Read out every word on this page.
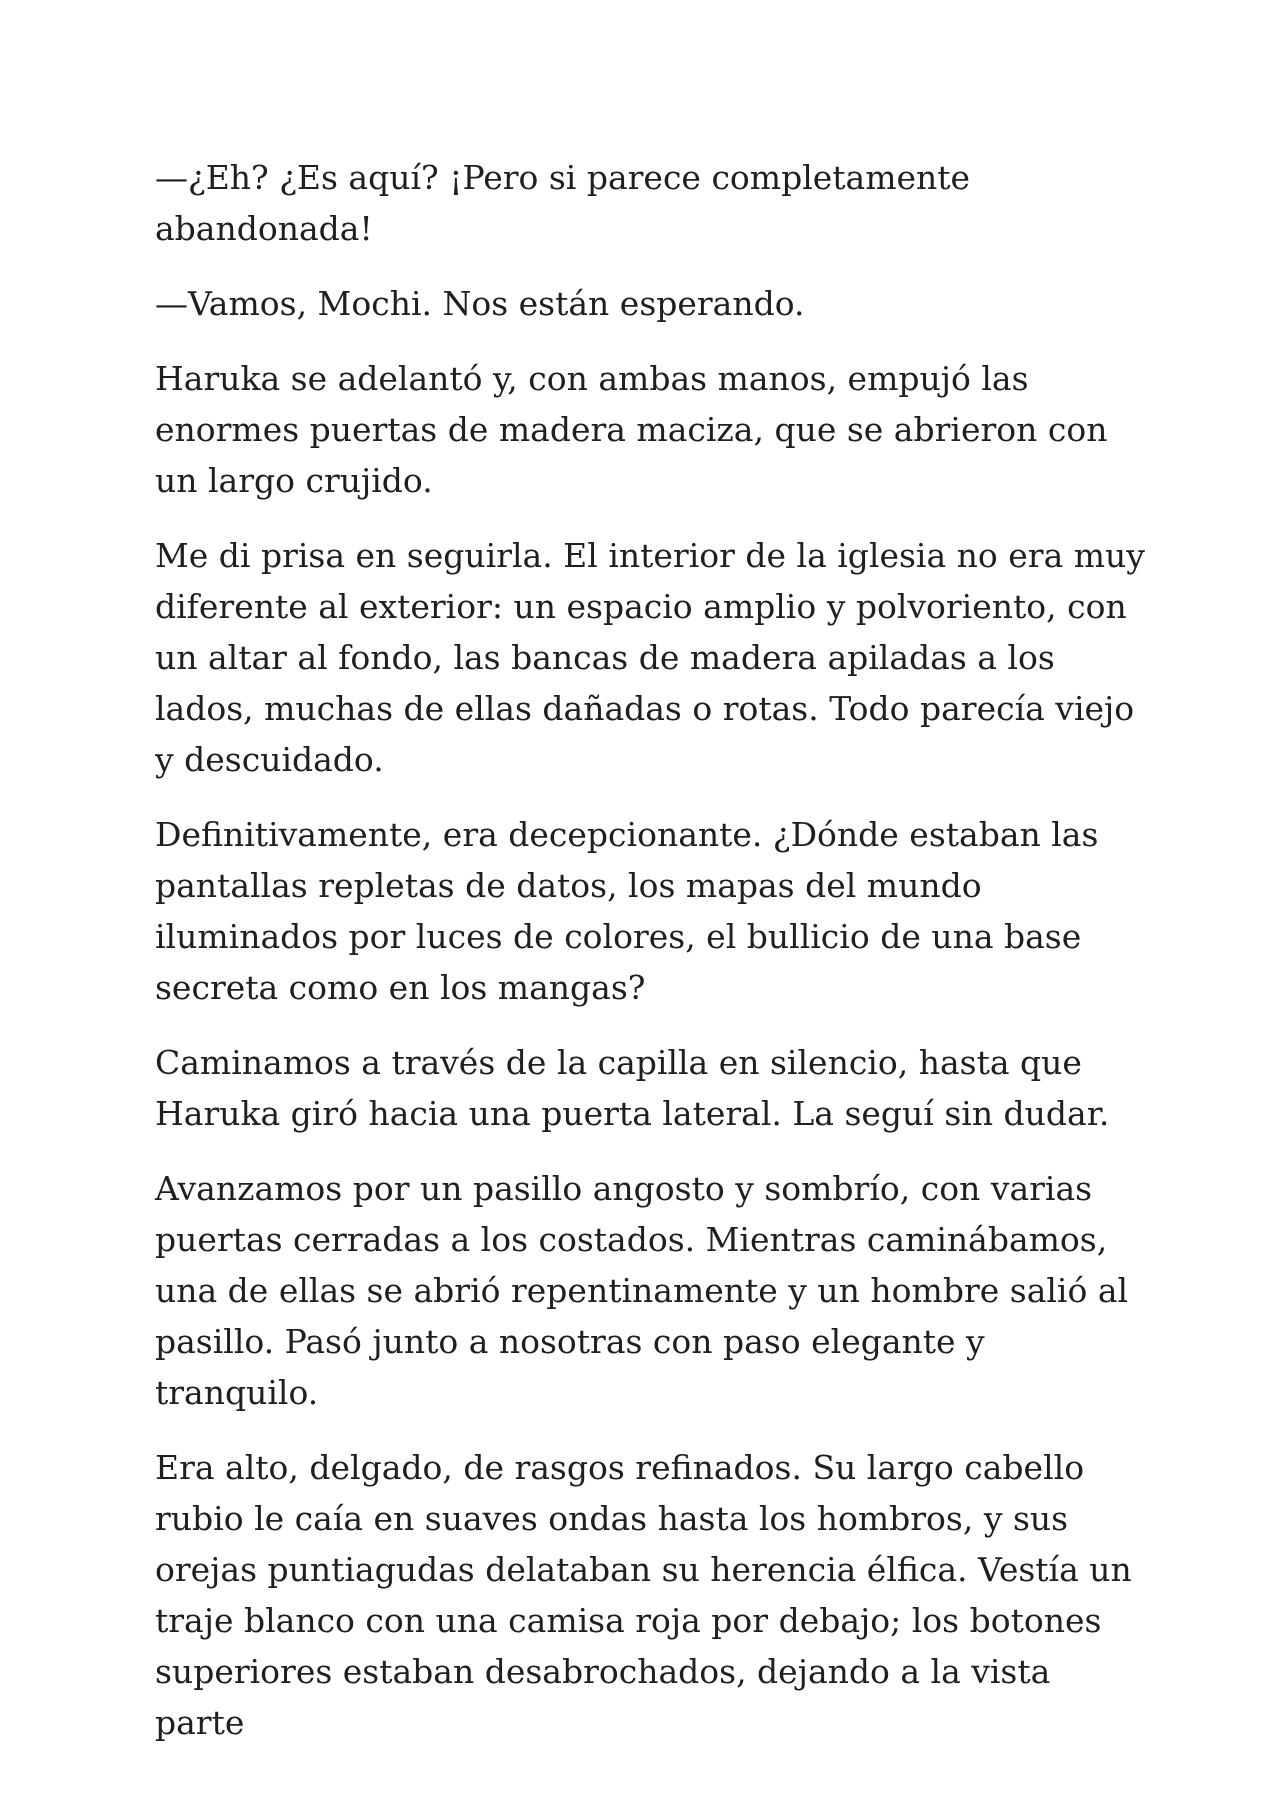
—¿Eh? ¿Es aquí? ¡Pero si parece completamente abandonada!

—Vamos, Mochi. Nos están esperando.

Haruka se adelantó y, con ambas manos, empujó las enormes puertas de madera maciza, que se abrieron con un largo crujido.

Me di prisa en seguirla. El interior de la iglesia no era muy diferente al exterior: un espacio amplio y polvoriento, con un altar al fondo, las bancas de madera apiladas a los lados, muchas de ellas dañadas o rotas. Todo parecía viejo y descuidado.

Definitivamente, era decepcionante. ¿Dónde estaban las pantallas repletas de datos, los mapas del mundo iluminados por luces de colores, el bullicio de una base secreta como en los mangas?

Caminamos a través de la capilla en silencio, hasta que Haruka giró hacia una puerta lateral. La seguí sin dudar.

Avanzamos por un pasillo angosto y sombrío, con varias puertas cerradas a los costados. Mientras caminábamos, una de ellas se abrió repentinamente y un hombre salió al pasillo. Pasó junto a nosotras con paso elegante y tranquilo.

Era alto, delgado, de rasgos refinados. Su largo cabello rubio le caía en suaves ondas hasta los hombros, y sus orejas puntiagudas delataban su herencia élfica. Vestía un traje blanco con una camisa roja por debajo; los botones superiores estaban desabrochados, dejando a la vista parte
